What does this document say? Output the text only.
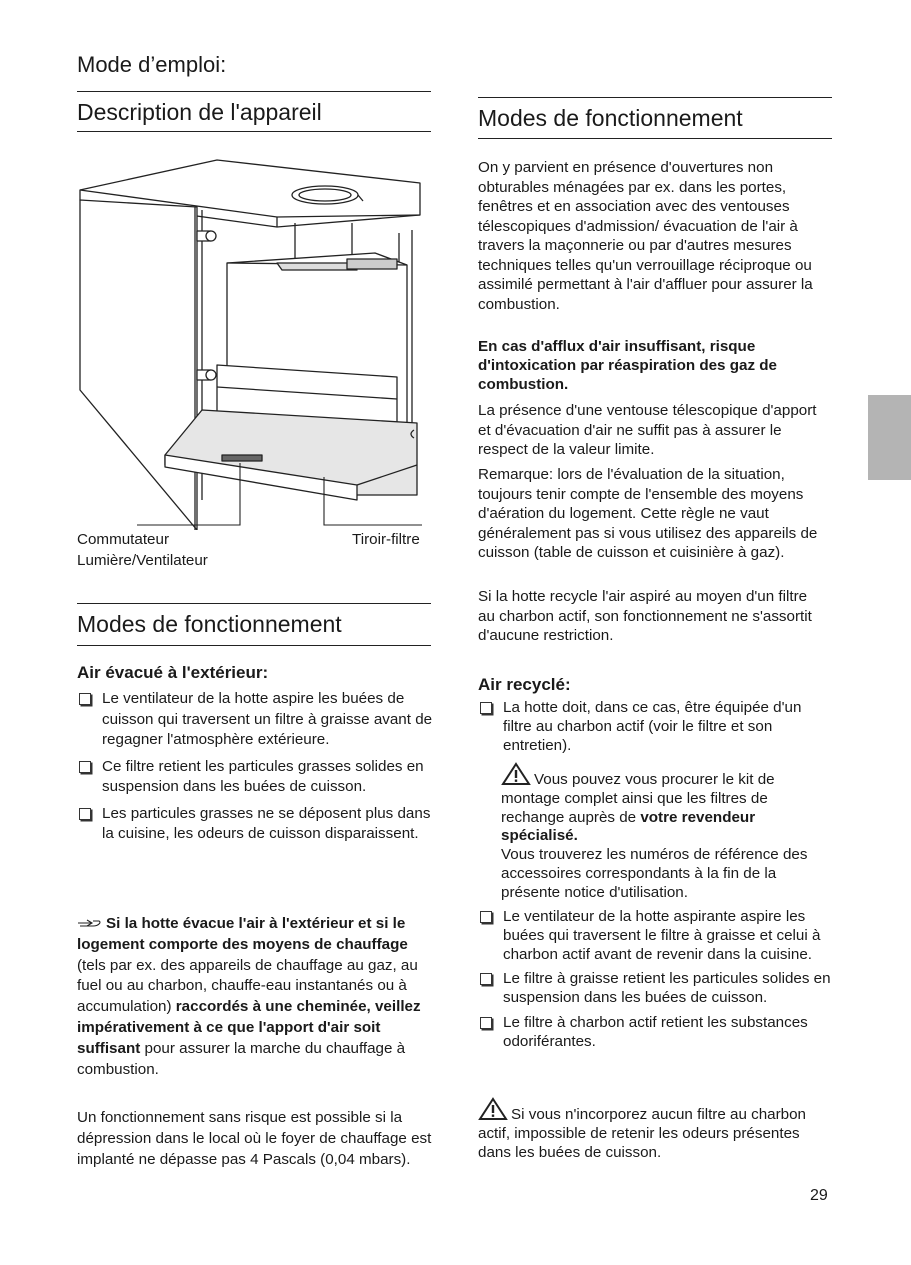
Mode d’emploi:
Description de l'appareil
Commutateur
Lumière/Ventilateur
Tiroir-filtre
Modes de fonctionnement
Air évacué à l'extérieur:

Le ventilateur de la hotte aspire les buées de cuisson qui traversent un filtre à graisse avant de regagner l'atmosphère extérieure.

Ce filtre retient les particules grasses solides en suspension dans les buées de cuisson.

Les particules grasses ne se déposent plus dans la cuisine, les odeurs de cuisson disparaissent.

Si la hotte évacue l'air à l'extérieur et si le logement comporte des moyens de chauffage (tels par ex. des appareils de chauffage au gaz, au fuel ou au charbon, chauffe-eau instantanés ou à accumulation) raccordés à une cheminée, veillez impérativement à ce que l'apport d'air soit suffisant pour assurer la marche du chauffage à combustion.

Un fonctionnement sans risque est possible si la dépression dans le local où le foyer de chauffage est implanté ne dépasse pas 4 Pascals (0,04 mbars).

Modes de fonctionnement

On y parvient en présence d'ouvertures non obturables ménagées par ex. dans les portes, fenêtres et en association avec des ventouses télescopiques d'admission/ évacuation de l'air à travers la maçonnerie ou par d'autres mesures techniques telles qu'un verrouillage réciproque ou assimilé permettant à l'air d'affluer pour assurer la combustion.

En cas d'afflux d'air insuffisant, risque d'intoxication par réaspiration des gaz de combustion.

La présence d'une ventouse télescopique d'apport et d'évacuation d'air ne suffit pas à assurer le respect de la valeur limite.

Remarque: lors de l'évaluation de la situation, toujours tenir compte de l'ensemble des moyens d'aération du logement. Cette règle ne vaut généralement pas si vous utilisez des appareils de cuisson (table de cuisson et cuisinière à gaz).

Si la hotte recycle l'air aspiré au moyen d'un filtre au charbon actif, son fonctionnement ne s'assortit d'aucune restriction.

Air recyclé:

La hotte doit, dans ce cas, être équipée d'un filtre au charbon actif (voir le filtre et son entretien).

Vous pouvez vous procurer le kit de montage complet ainsi que les filtres de rechange auprès de votre revendeur spécialisé.
Vous trouverez les numéros de référence des accessoires correspondants à la fin de la présente notice d'utilisation.

Le ventilateur de la hotte aspirante aspire les buées qui traversent le filtre à graisse et celui à charbon actif avant de revenir dans la cuisine.

Le filtre à graisse retient les particules solides en suspension dans les buées de cuisson.

Le filtre à charbon actif retient les substances odoriférantes.

Si vous n'incorporez aucun filtre au charbon actif, impossible de retenir les odeurs présentes dans les buées de cuisson.

29
